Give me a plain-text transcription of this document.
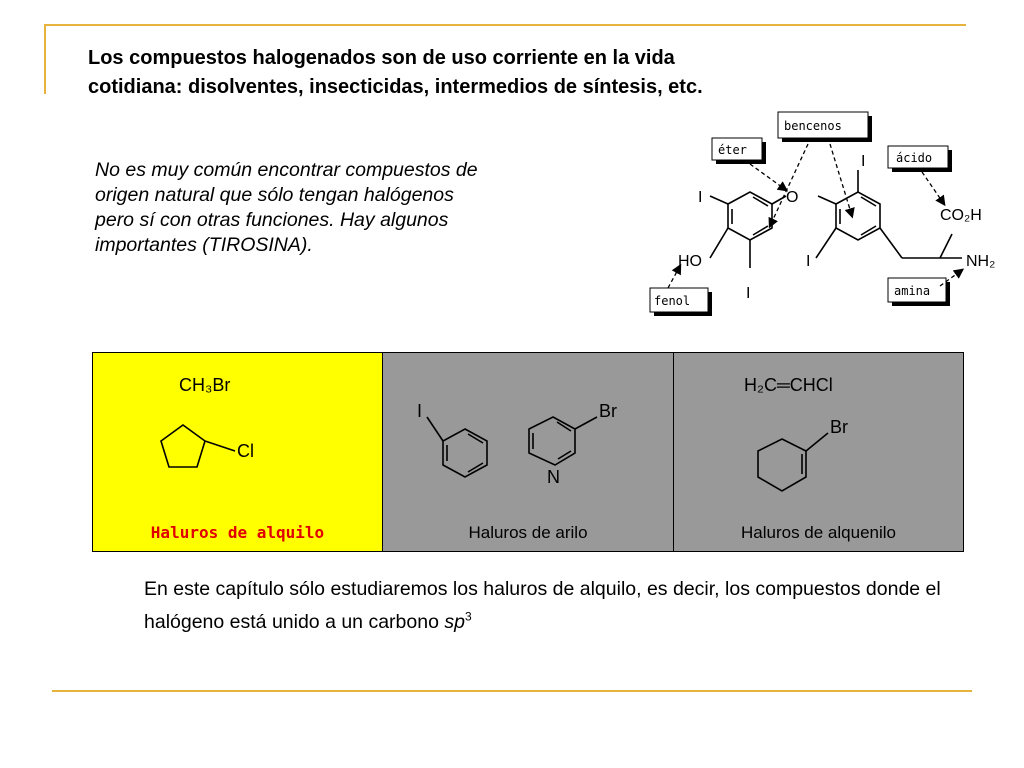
Los compuestos halogenados son de uso corriente en la vida
cotidiana: disolventes, insecticidas, intermedios de síntesis, etc.
No es muy común encontrar compuestos de
origen natural que sólo tengan halógenos
pero sí con otras funciones. Hay algunos
importantes (TIROSINA).
I	O
I
HO	I
I
CO₂H
NH₂
bencenos
éter
ácido
fenol
amina
CH₃Br
Cl
Haluros de alquilo
I	Br
N
Haluros de arilo
H₂C═CHCl
Br
Haluros de alquenilo
En este capítulo sólo estudiaremos los haluros de alquilo, es decir, los compuestos donde el halógeno está unido a un carbono $sp^3$
